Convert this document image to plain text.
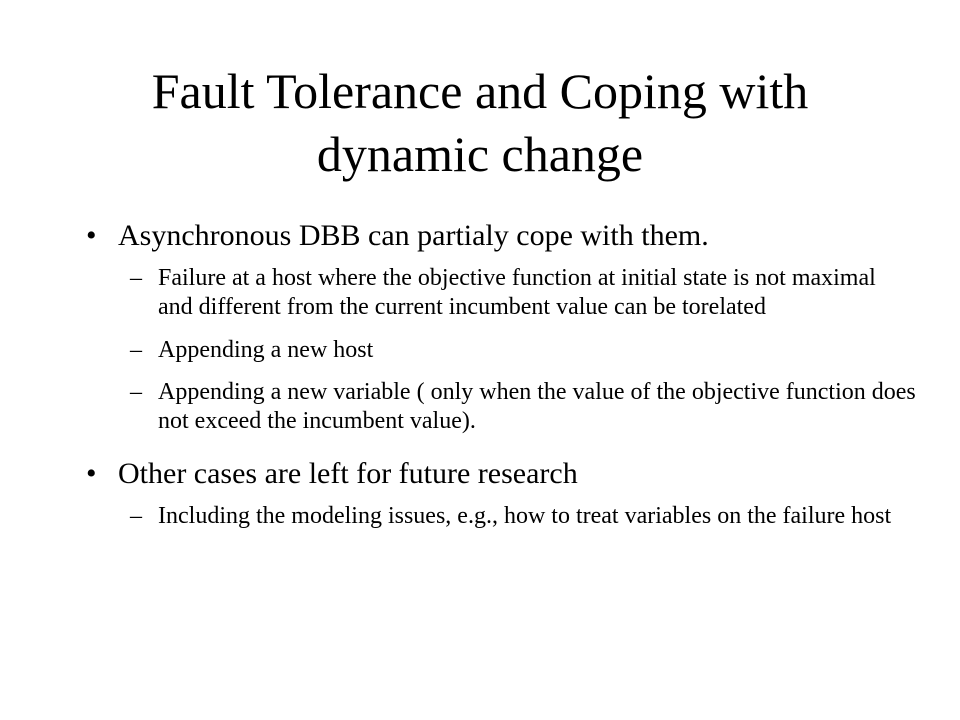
Fault Tolerance and Coping with
dynamic change
• Asynchronous DBB can partialy cope with them.
– Failure at a host where the objective function at initial state is not maximal and different from the current incumbent value can be torelated
– Appending a new host
– Appending a new variable ( only when the value of the objective function does not exceed the incumbent value).
• Other cases are left for future research
– Including the modeling issues, e.g., how to treat variables on the failure host
